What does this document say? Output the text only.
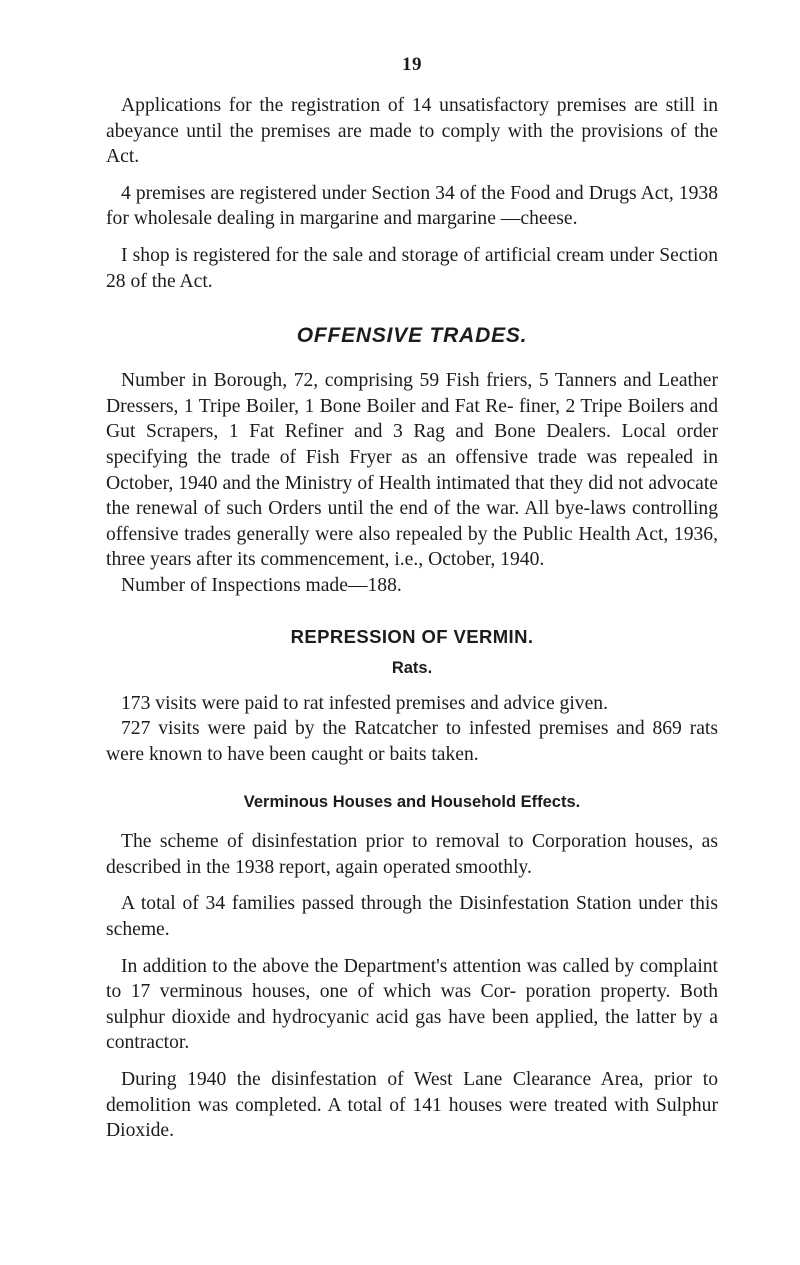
19

Applications for the registration of 14 unsatisfactory premises are still in abeyance until the premises are made to comply with the provisions of the Act.

4 premises are registered under Section 34 of the Food and Drugs Act, 1938 for wholesale dealing in margarine and margarine —cheese.

I shop is registered for the sale and storage of artificial cream under Section 28 of the Act.

OFFENSIVE TRADES.

Number in Borough, 72, comprising 59 Fish friers, 5 Tanners and Leather Dressers, 1 Tripe Boiler, 1 Bone Boiler and Fat Re- finer, 2 Tripe Boilers and Gut Scrapers, 1 Fat Refiner and 3 Rag and Bone Dealers. Local order specifying the trade of Fish Fryer as an offensive trade was repealed in October, 1940 and the Ministry of Health intimated that they did not advocate the renewal of such Orders until the end of the war. All bye-laws controlling offensive trades generally were also repealed by the Public Health Act, 1936, three years after its commencement, i.e., October, 1940.

Number of Inspections made—188.

REPRESSION OF VERMIN.
Rats.

173 visits were paid to rat infested premises and advice given.

727 visits were paid by the Ratcatcher to infested premises and 869 rats were known to have been caught or baits taken.

Verminous Houses and Household Effects.

The scheme of disinfestation prior to removal to Corporation houses, as described in the 1938 report, again operated smoothly.

A total of 34 families passed through the Disinfestation Station under this scheme.

In addition to the above the Department's attention was called by complaint to 17 verminous houses, one of which was Cor- poration property. Both sulphur dioxide and hydrocyanic acid gas have been applied, the latter by a contractor.

During 1940 the disinfestation of West Lane Clearance Area, prior to demolition was completed. A total of 141 houses were treated with Sulphur Dioxide.
